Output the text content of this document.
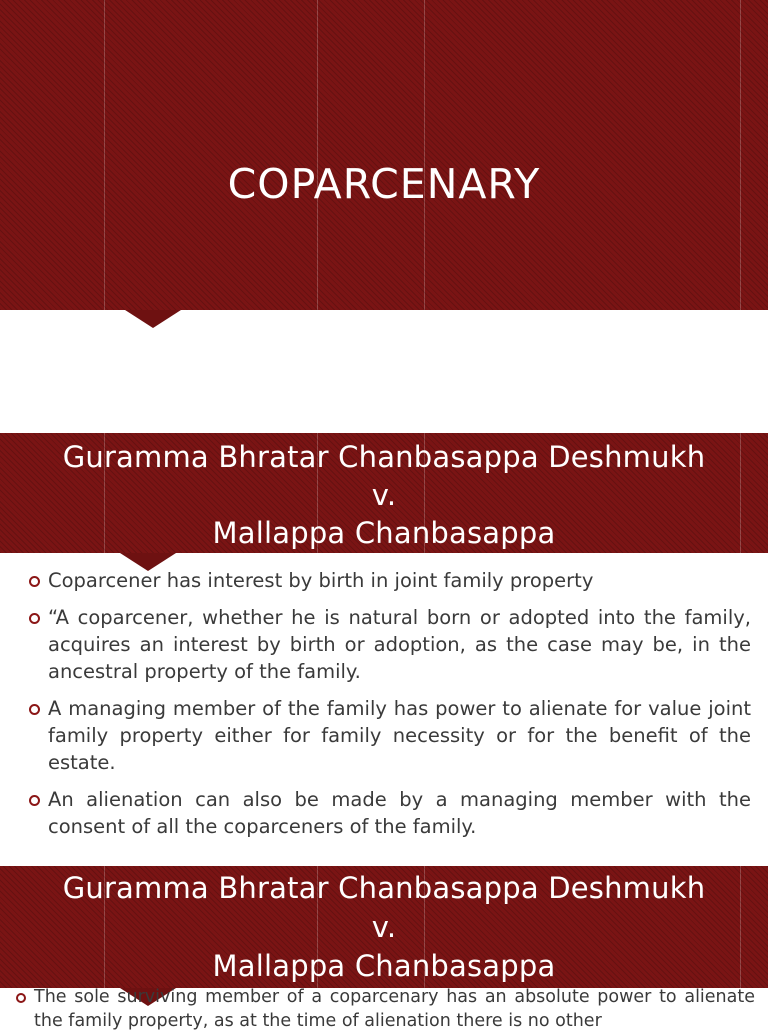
COPARCENARY
Guramma Bhratar Chanbasappa Deshmukh
v.
Mallappa Chanbasappa
Coparcener has interest by birth in joint family property
“A coparcener, whether he is natural born or adopted into the family, acquires an interest by birth or adoption, as the case may be, in the ancestral property of the family.
A managing member of the family has power to alienate for value joint family property either for family necessity or for the benefit of the estate.
An alienation can also be made by a managing member with the consent of all the coparceners of the family.
Guramma Bhratar Chanbasappa Deshmukh
v.
Mallappa Chanbasappa
The sole surviving member of a coparcenary has an absolute power to alienate the family property, as at the time of alienation there is no other
